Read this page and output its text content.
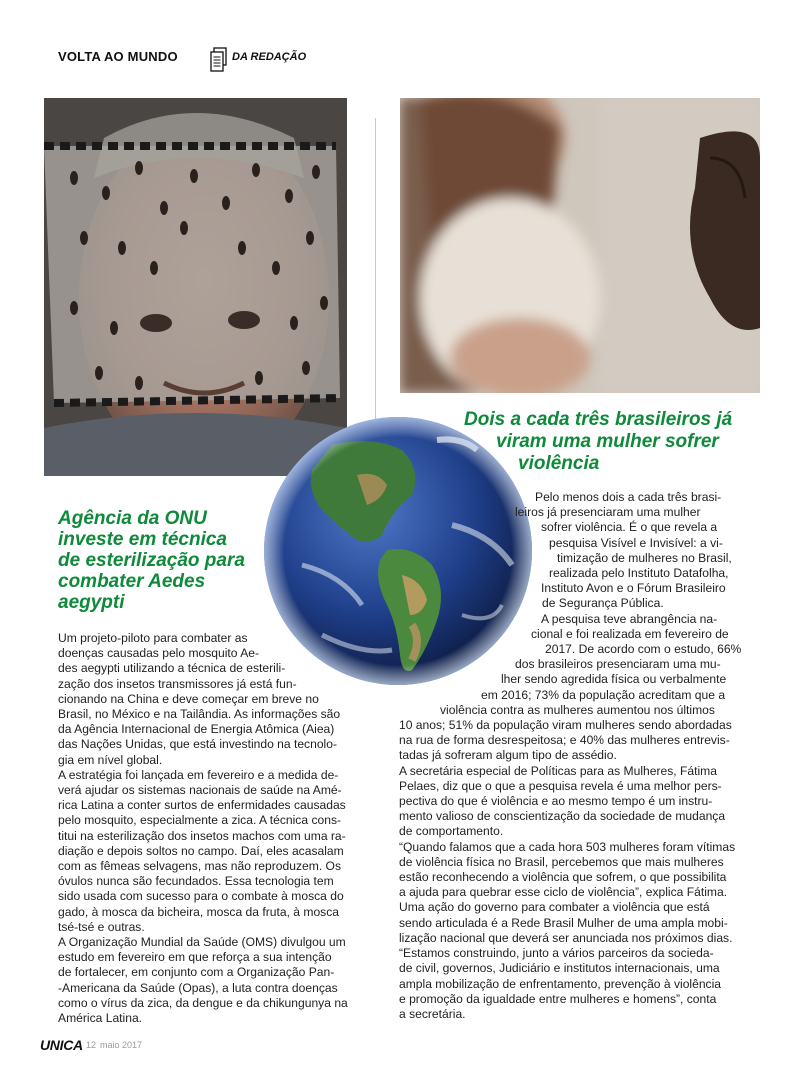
VOLTA AO MUNDO	DA REDAÇÃO
Dois a cada três brasileiros já
viram uma mulher sofrer
violência
Agência da ONU
investe em técnica
de esterilização para
combater Aedes
aegypti
Pelo menos dois a cada três brasi-
leiros já presenciaram uma mulher
sofrer violência. É o que revela a
pesquisa Visível e Invisível: a vi-
timização de mulheres no Brasil,
realizada pelo Instituto Datafolha,
Instituto Avon e o Fórum Brasileiro
de Segurança Pública.
A pesquisa teve abrangência na-
cional e foi realizada em fevereiro de
2017. De acordo com o estudo, 66%
dos brasileiros presenciaram uma mu-
lher sendo agredida física ou verbalmente
em 2016; 73% da população acreditam que a
violência contra as mulheres aumentou nos últimos
10 anos; 51% da população viram mulheres sendo abordadas
na rua de forma desrespeitosa; e 40% das mulheres entrevis-
tadas já sofreram algum tipo de assédio.
A secretária especial de Políticas para as Mulheres, Fátima
Pelaes, diz que o que a pesquisa revela é uma melhor pers-
pectiva do que é violência e ao mesmo tempo é um instru-
mento valioso de conscientização da sociedade de mudança
de comportamento.
“Quando falamos que a cada hora 503 mulheres foram vítimas
de violência física no Brasil, percebemos que mais mulheres
estão reconhecendo a violência que sofrem, o que possibilita
a ajuda para quebrar esse ciclo de violência”, explica Fátima.
Uma ação do governo para combater a violência que está
sendo articulada é a Rede Brasil Mulher de uma ampla mobi-
lização nacional que deverá ser anunciada nos próximos dias.
“Estamos construindo, junto a vários parceiros da socieda-
de civil, governos, Judiciário e institutos internacionais, uma
ampla mobilização de enfrentamento, prevenção à violência
e promoção da igualdade entre mulheres e homens”, conta
a secretária.
Um projeto-piloto para combater as
doenças causadas pelo mosquito Ae-
des aegypti utilizando a técnica de esterili-
zação dos insetos transmissores já está fun-
cionando na China e deve começar em breve no
Brasil, no México e na Tailândia. As informações são
da Agência Internacional de Energia Atômica (Aiea)
das Nações Unidas, que está investindo na tecnolo-
gia em nível global.
A estratégia foi lançada em fevereiro e a medida de-
verá ajudar os sistemas nacionais de saúde na Amé-
rica Latina a conter surtos de enfermidades causadas
pelo mosquito, especialmente a zica. A técnica cons-
titui na esterilização dos insetos machos com uma ra-
diação e depois soltos no campo. Daí, eles acasalam
com as fêmeas selvagens, mas não reproduzem. Os
óvulos nunca são fecundados. Essa tecnologia tem
sido usada com sucesso para o combate à mosca do
gado, à mosca da bicheira, mosca da fruta, à mosca
tsé-tsé e outras.
A Organização Mundial da Saúde (OMS) divulgou um
estudo em fevereiro em que reforça a sua intenção
de fortalecer, em conjunto com a Organização Pan-
-Americana da Saúde (Opas), a luta contra doenças
como o vírus da zica, da dengue e da chikungunya na
América Latina.
UNICA 12 maio 2017
